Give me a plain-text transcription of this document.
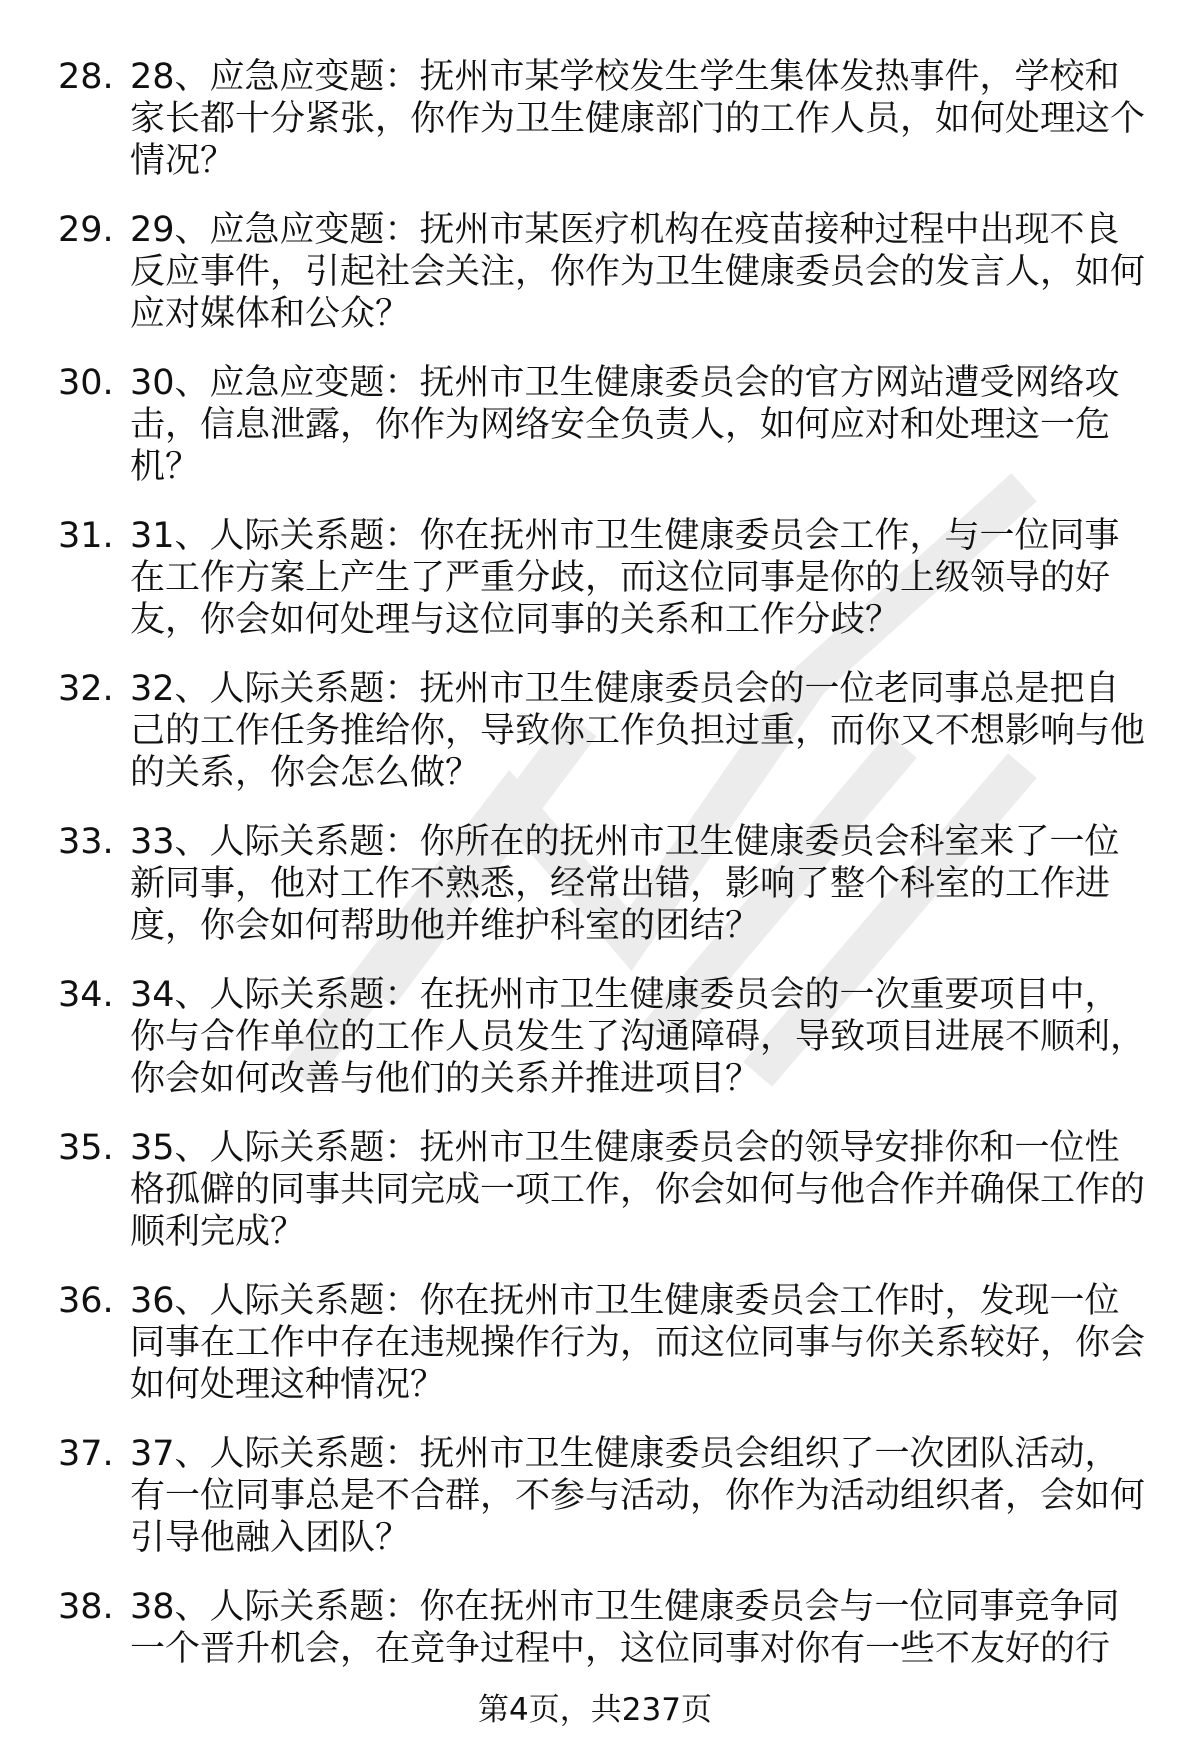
28. 28、应急应变题：抚州市某学校发生学生集体发热事件，学校和家长都十分紧张，你作为卫生健康部门的工作人员，如何处理这个情况？
29. 29、应急应变题：抚州市某医疗机构在疫苗接种过程中出现不良反应事件，引起社会关注，你作为卫生健康委员会的发言人，如何应对媒体和公众？
30. 30、应急应变题：抚州市卫生健康委员会的官方网站遭受网络攻击，信息泄露，你作为网络安全负责人，如何应对和处理这一危机？
31. 31、人际关系题：你在抚州市卫生健康委员会工作，与一位同事在工作方案上产生了严重分歧，而这位同事是你的上级领导的好友，你会如何处理与这位同事的关系和工作分歧？
32. 32、人际关系题：抚州市卫生健康委员会的一位老同事总是把自己的工作任务推给你，导致你工作负担过重，而你又不想影响与他的关系，你会怎么做？
33. 33、人际关系题：你所在的抚州市卫生健康委员会科室来了一位新同事，他对工作不熟悉，经常出错，影响了整个科室的工作进度，你会如何帮助他并维护科室的团结？
34. 34、人际关系题：在抚州市卫生健康委员会的一次重要项目中，你与合作单位的工作人员发生了沟通障碍，导致项目进展不顺利，你会如何改善与他们的关系并推进项目？
35. 35、人际关系题：抚州市卫生健康委员会的领导安排你和一位性格孤僻的同事共同完成一项工作，你会如何与他合作并确保工作的顺利完成？
36. 36、人际关系题：你在抚州市卫生健康委员会工作时，发现一位同事在工作中存在违规操作行为，而这位同事与你关系较好，你会如何处理这种情况？
37. 37、人际关系题：抚州市卫生健康委员会组织了一次团队活动，有一位同事总是不合群，不参与活动，你作为活动组织者，会如何引导他融入团队？
38. 38、人际关系题：你在抚州市卫生健康委员会与一位同事竞争同一个晋升机会，在竞争过程中，这位同事对你有一些不友好的行
第4页，共237页
